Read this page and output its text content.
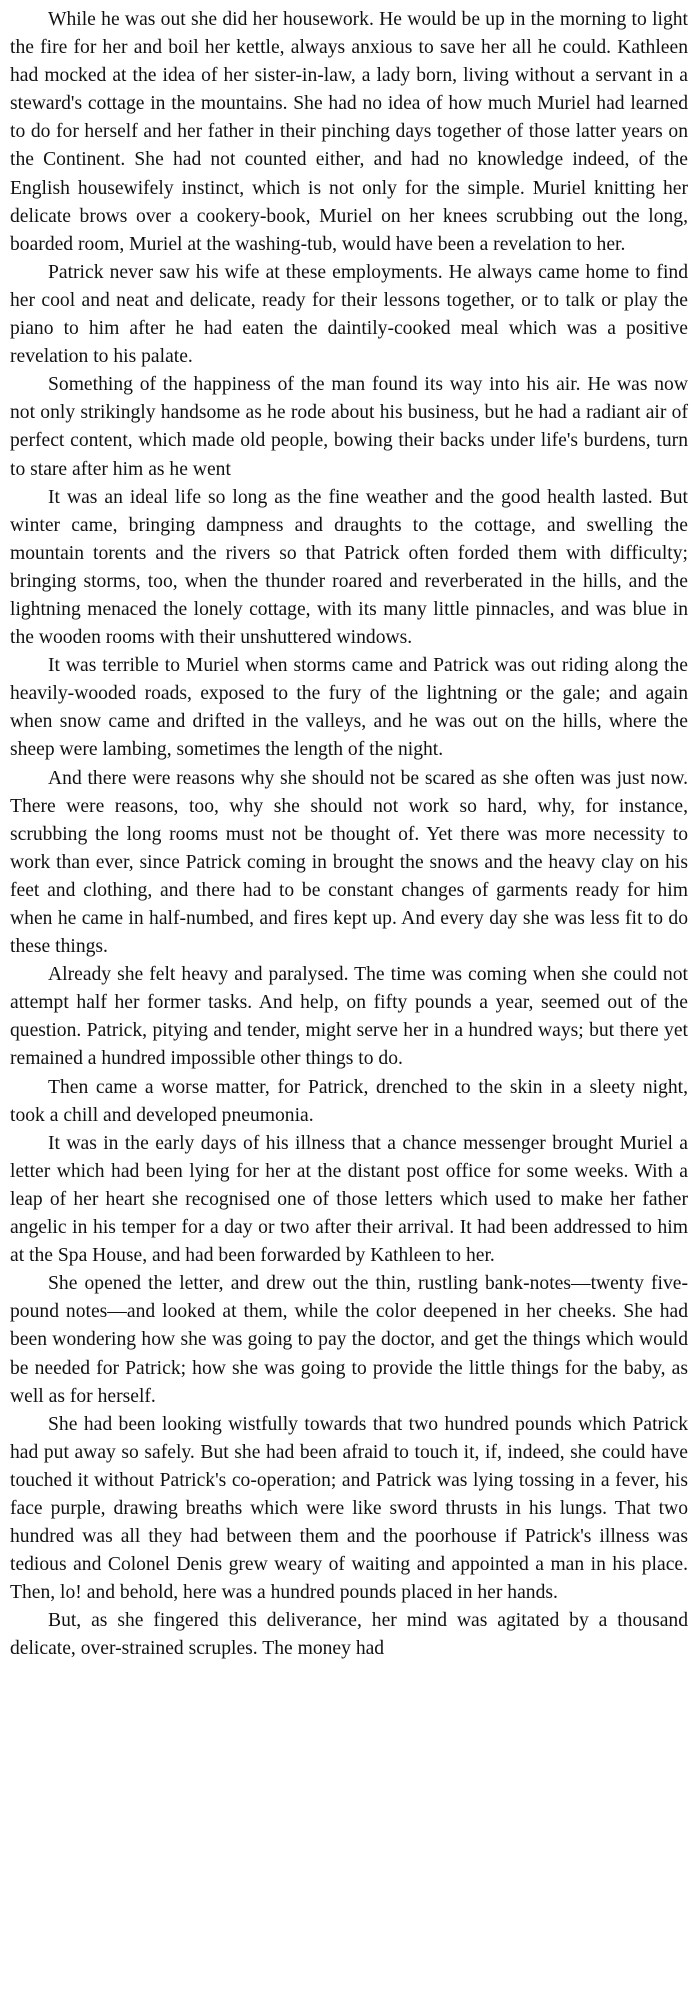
While he was out she did her housework. He would be up in the morning to light the fire for her and boil her kettle, always anxious to save her all he could. Kathleen had mocked at the idea of her sister-in-law, a lady born, living without a servant in a steward's cottage in the mountains. She had no idea of how much Muriel had learned to do for herself and her father in their pinching days together of those latter years on the Continent. She had not counted either, and had no knowledge indeed, of the English housewifely instinct, which is not only for the simple. Muriel knitting her delicate brows over a cookery-book, Muriel on her knees scrubbing out the long, boarded room, Muriel at the washing-tub, would have been a revelation to her.

Patrick never saw his wife at these employments. He always came home to find her cool and neat and delicate, ready for their lessons together, or to talk or play the piano to him after he had eaten the daintily-cooked meal which was a positive revelation to his palate.

Something of the happiness of the man found its way into his air. He was now not only strikingly handsome as he rode about his business, but he had a radiant air of perfect content, which made old people, bowing their backs under life's burdens, turn to stare after him as he went

It was an ideal life so long as the fine weather and the good health lasted. But winter came, bringing dampness and draughts to the cottage, and swelling the mountain torents and the rivers so that Patrick often forded them with difficulty; bringing storms, too, when the thunder roared and reverberated in the hills, and the lightning menaced the lonely cottage, with its many little pinnacles, and was blue in the wooden rooms with their unshuttered windows.

It was terrible to Muriel when storms came and Patrick was out riding along the heavily-wooded roads, exposed to the fury of the lightning or the gale; and again when snow came and drifted in the valleys, and he was out on the hills, where the sheep were lambing, sometimes the length of the night.

And there were reasons why she should not be scared as she often was just now. There were reasons, too, why she should not work so hard, why, for instance, scrubbing the long rooms must not be thought of. Yet there was more necessity to work than ever, since Patrick coming in brought the snows and the heavy clay on his feet and clothing, and there had to be constant changes of garments ready for him when he came in half-numbed, and fires kept up. And every day she was less fit to do these things.

Already she felt heavy and paralysed. The time was coming when she could not attempt half her former tasks. And help, on fifty pounds a year, seemed out of the question. Patrick, pitying and tender, might serve her in a hundred ways; but there yet remained a hundred impossible other things to do.

Then came a worse matter, for Patrick, drenched to the skin in a sleety night, took a chill and developed pneumonia.

It was in the early days of his illness that a chance messenger brought Muriel a letter which had been lying for her at the distant post office for some weeks. With a leap of her heart she recognised one of those letters which used to make her father angelic in his temper for a day or two after their arrival. It had been addressed to him at the Spa House, and had been forwarded by Kathleen to her.

She opened the letter, and drew out the thin, rustling bank-notes—twenty five-pound notes—and looked at them, while the color deepened in her cheeks. She had been wondering how she was going to pay the doctor, and get the things which would be needed for Patrick; how she was going to provide the little things for the baby, as well as for herself.

She had been looking wistfully towards that two hundred pounds which Patrick had put away so safely. But she had been afraid to touch it, if, indeed, she could have touched it without Patrick's co-operation; and Patrick was lying tossing in a fever, his face purple, drawing breaths which were like sword thrusts in his lungs. That two hundred was all they had between them and the poorhouse if Patrick's illness was tedious and Colonel Denis grew weary of waiting and appointed a man in his place. Then, lo! and behold, here was a hundred pounds placed in her hands.

But, as she fingered this deliverance, her mind was agitated by a thousand delicate, over-strained scruples. The money had
